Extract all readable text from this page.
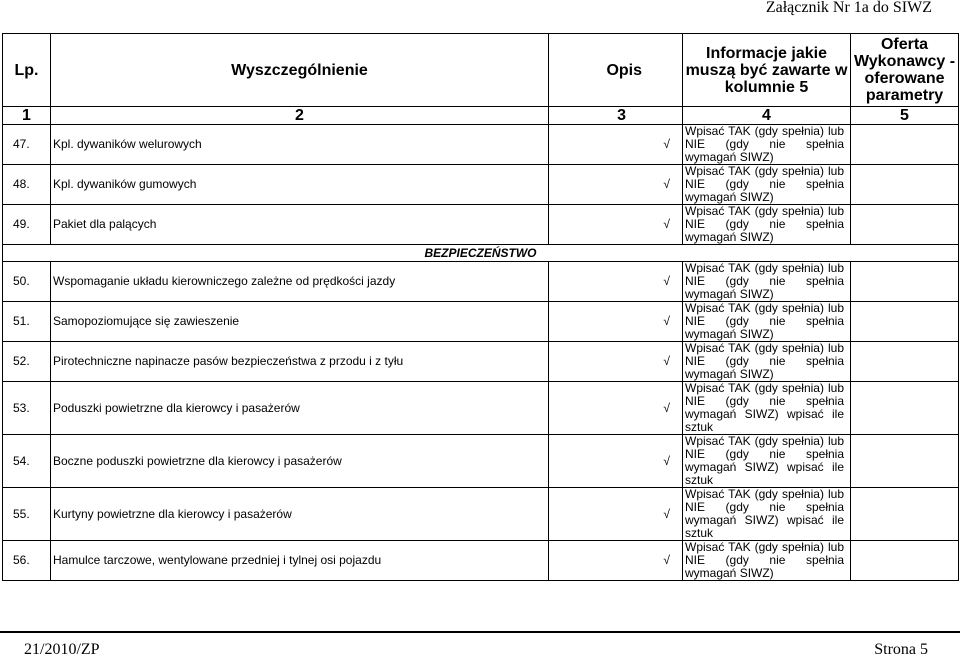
Załącznik Nr 1a do SIWZ
Lp.	Wyszczególnienie	Opis	Informacje jakie muszą być zawarte w kolumnie 5	Oferta Wykonawcy - oferowane parametry
1	2	3	4	5
47.	Kpl. dywaników welurowych	√	Wpisać TAK (gdy spełnia) lub NIE (gdy nie spełnia wymagań SIWZ)	
48.	Kpl. dywaników gumowych	√	Wpisać TAK (gdy spełnia) lub NIE (gdy nie spełnia wymagań SIWZ)	
49.	Pakiet dla palących	√	Wpisać TAK (gdy spełnia) lub NIE (gdy nie spełnia wymagań SIWZ)	
BEZPIECZEŃSTWO				
50.	Wspomaganie układu kierowniczego zależne od prędkości jazdy	√	Wpisać TAK (gdy spełnia) lub NIE (gdy nie spełnia wymagań SIWZ)	
51.	Samopoziomujące się zawieszenie	√	Wpisać TAK (gdy spełnia) lub NIE (gdy nie spełnia wymagań SIWZ)	
52.	Pirotechniczne napinacze pasów bezpieczeństwa z przodu i z tyłu	√	Wpisać TAK (gdy spełnia) lub NIE (gdy nie spełnia wymagań SIWZ)	
53.	Poduszki powietrzne dla kierowcy i pasażerów	√	Wpisać TAK (gdy spełnia) lub NIE (gdy nie spełnia wymagań SIWZ) wpisać ile sztuk	
54.	Boczne poduszki powietrzne dla kierowcy i pasażerów	√	Wpisać TAK (gdy spełnia) lub NIE (gdy nie spełnia wymagań SIWZ) wpisać ile sztuk	
55.	Kurtyny powietrzne dla kierowcy i pasażerów	√	Wpisać TAK (gdy spełnia) lub NIE (gdy nie spełnia wymagań SIWZ) wpisać ile sztuk	
56.	Hamulce tarczowe, wentylowane przedniej i tylnej osi pojazdu	√	Wpisać TAK (gdy spełnia) lub NIE (gdy nie spełnia wymagań SIWZ)	
21/2010/ZP	Strona 5
